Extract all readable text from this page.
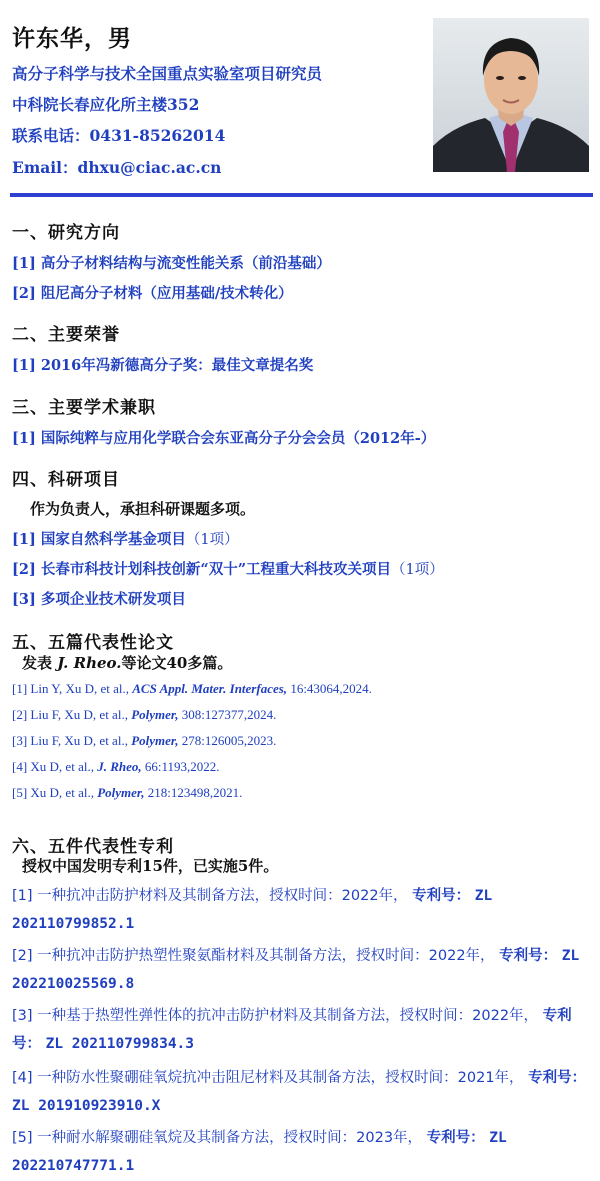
许东华，男
高分子科学与技术全国重点实验室项目研究员
中科院长春应化所主楼352
联系电话：0431-85262014
Email：dhxu@ciac.ac.cn
一、研究方向
[1] 高分子材料结构与流变性能关系（前沿基础）
[2] 阻尼高分子材料（应用基础/技术转化）
二、主要荣誉
[1] 2016年冯新德高分子奖：最佳文章提名奖
三、主要学术兼职
[1] 国际纯粹与应用化学联合会东亚高分子分会会员（2012年-）
四、科研项目
作为负责人，承担科研课题多项。
[1] 国家自然科学基金项目（1项）
[2] 长春市科技计划科技创新“双十”工程重大科技攻关项目（1项）
[3] 多项企业技术研发项目
五、五篇代表性论文
发表 J. Rheo.等论文40多篇。
[1] Lin Y, Xu D, et al., ACS Appl. Mater. Interfaces, 16:43064,2024.
[2] Liu F, Xu D, et al., Polymer, 308:127377,2024.
[3] Liu F, Xu D, et al., Polymer, 278:126005,2023.
[4] Xu D, et al., J. Rheo, 66:1193,2022.
[5] Xu D, et al., Polymer, 218:123498,2021.
六、五件代表性专利
授权中国发明专利15件，已实施5件。
[1] 一种抗冲击防护材料及其制备方法，授权时间：2022年， 专利号： ZL 202110799852.1
[2] 一种抗冲击防护热塑性聚氨酯材料及其制备方法，授权时间：2022年， 专利号： ZL 202210025569.8
[3] 一种基于热塑性弹性体的抗冲击防护材料及其制备方法，授权时间：2022年， 专利号： ZL 202110799834.3
[4] 一种防水性聚硼硅氧烷抗冲击阻尼材料及其制备方法，授权时间：2021年， 专利号： ZL 201910923910.X
[5] 一种耐水解聚硼硅氧烷及其制备方法，授权时间：2023年， 专利号： ZL 202210747771.1
